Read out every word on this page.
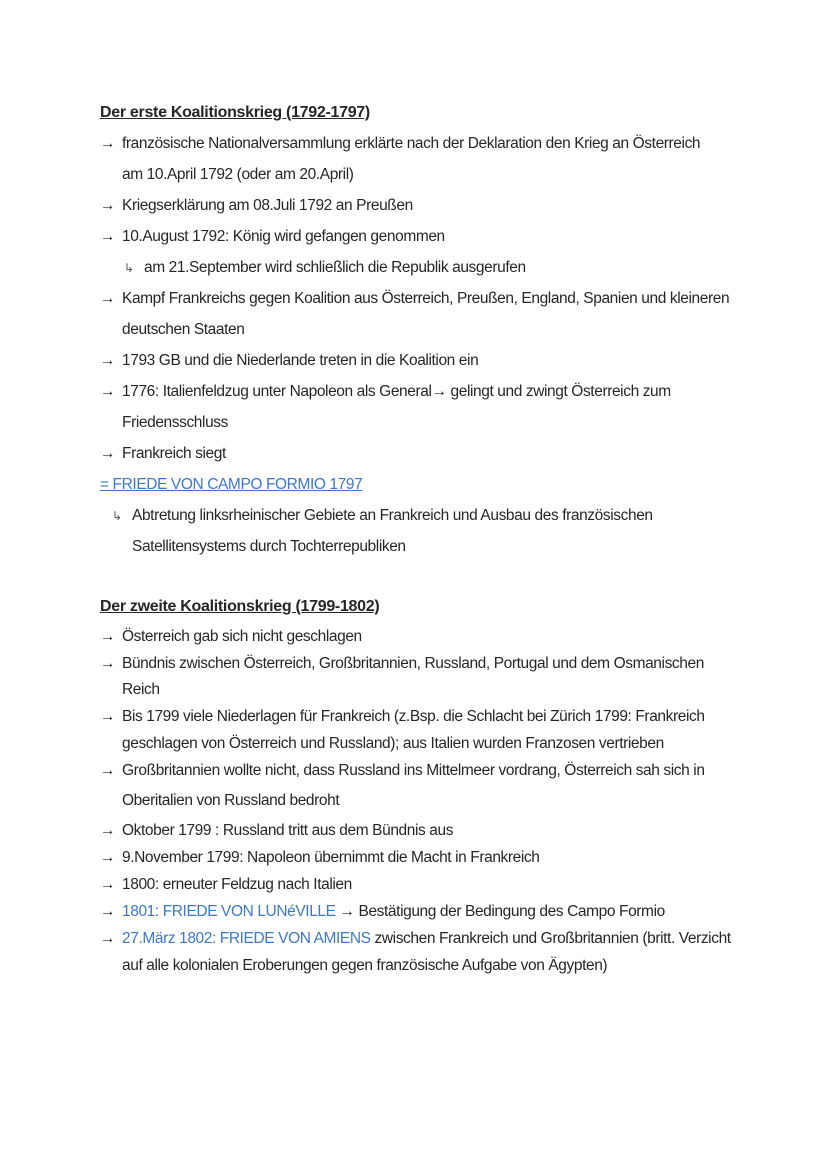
Der erste Koalitionskrieg (1792-1797)
→ französische Nationalversammlung erklärte nach der Deklaration den Krieg an Österreich
am 10.April 1792 (oder am 20.April)
→ Kriegserklärung am 08.Juli 1792 an Preußen
→ 10.August 1792: König wird gefangen genommen
↳ am 21.September wird schließlich die Republik ausgerufen
→ Kampf Frankreichs gegen Koalition aus Österreich, Preußen, England, Spanien und kleineren
deutschen Staaten
→ 1793 GB und die Niederlande treten in die Koalition ein
→ 1776: Italienfeldzug unter Napoleon als General→ gelingt und zwingt Österreich zum
Friedensschluss
→ Frankreich siegt
= FRIEDE VON CAMPO FORMIO 1797
↳ Abtretung linksrheinischer Gebiete an Frankreich und Ausbau des französischen
Satellitensystems durch Tochterrepubliken
Der zweite Koalitionskrieg (1799-1802)
→ Österreich gab sich nicht geschlagen
→ Bündnis zwischen Österreich, Großbritannien, Russland, Portugal und dem Osmanischen
Reich
→ Bis 1799 viele Niederlagen für Frankreich (z.Bsp. die Schlacht bei Zürich 1799: Frankreich
geschlagen von Österreich und Russland); aus Italien wurden Franzosen vertrieben
→ Großbritannien wollte nicht, dass Russland ins Mittelmeer vordrang, Österreich sah sich in
Oberitalien von Russland bedroht
→ Oktober 1799 : Russland tritt aus dem Bündnis aus
→ 9.November 1799: Napoleon übernimmt die Macht in Frankreich
→ 1800: erneuter Feldzug nach Italien
→ 1801: FRIEDE VON LUNéVILLE → Bestätigung der Bedingung des Campo Formio
→ 27.März 1802: FRIEDE VON AMIENS zwischen Frankreich und Großbritannien (britt. Verzicht
auf alle kolonialen Eroberungen gegen französische Aufgabe von Ägypten)
